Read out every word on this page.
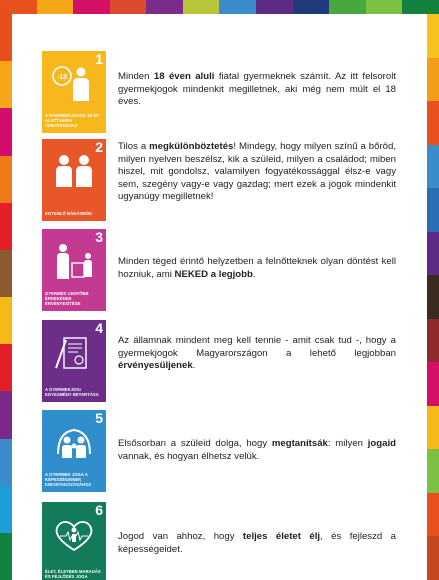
1
-18
A GYERMEKJOGOK 18 ÉV ALATTIAKRA VONATKOZNAK
Minden 18 éven aluli fiatal gyermeknek számít. Az itt felsorolt gyermekjogok mindenkit megilletnek, aki még nem múlt el 18 éves.
2
EGYENLŐ BÁNÁSMÓD
Tilos a megkülönböztetés! Mindegy, hogy milyen színű a bőröd, milyen nyelven beszélsz, kik a szüleid, milyen a családod; miben hiszel, mit gondolsz, valamilyen fogyatékossággal élsz-e vagy sem, szegény vagy-e vagy gazdag; mert ezek a jogok mindenkit ugyanúgy megilletnek!
3
GYERMEK LEGFŐBB ÉRDEKÉNEK ÉRVÉNYESÍTÉSE
Minden téged érintő helyzetben a felnőtteknek olyan döntést kell hozniuk, ami NEKED a legjobb.
4
A GYERMEKJOGI EGYEZMÉNY BETARTÁSA
Az államnak mindent meg kell tennie - amit csak tud -, hogy a gyermekjogok Magyarországon a lehető legjobban érvényesüljenek.
5
A GYERMEK JOGA A KÉPESSÉGEINEK KIBONTAKOZÁSÁHOZ
Elsősorban a szüleid dolga, hogy megtanítsák: milyen jogaid vannak, és hogyan élhetsz velük.
6
ÉLET, ÉLETBEN MARADÁS ÉS FEJLŐDÉS JOGA
Jogod van ahhoz, hogy teljes életet élj, és fejleszd a képességeidet.
